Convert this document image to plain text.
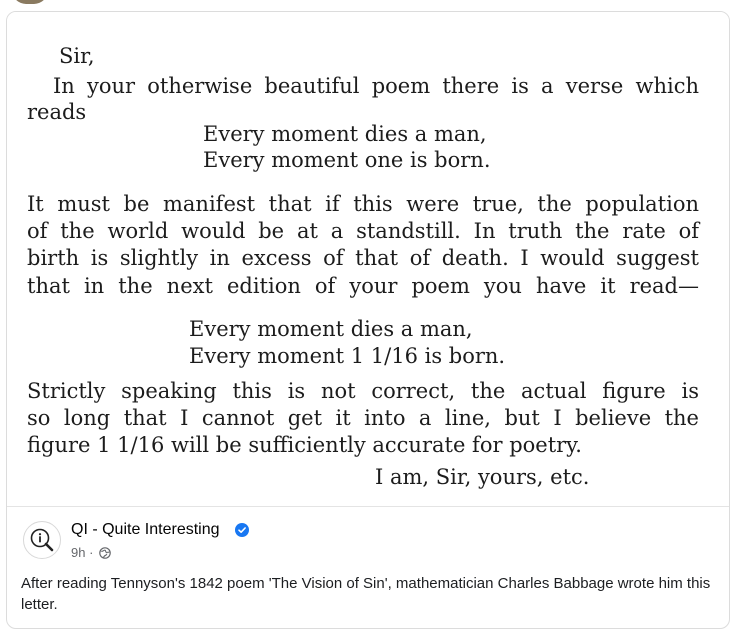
Sir,
In your otherwise beautiful poem there is a verse which
reads
Every moment dies a man,
Every moment one is born.
It must be manifest that if this were true, the population
of the world would be at a standstill. In truth the rate of
birth is slightly in excess of that of death. I would suggest
that in the next edition of your poem you have it read—
Every moment dies a man,
Every moment 1 1/16 is born.
Strictly speaking this is not correct, the actual figure is
so long that I cannot get it into a line, but I believe the
figure 1 1/16 will be sufficiently accurate for poetry.
I am, Sir, yours, etc.
QI - Quite Interesting
9h ·
After reading Tennyson's 1842 poem 'The Vision of Sin', mathematician Charles Babbage wrote him this letter.
